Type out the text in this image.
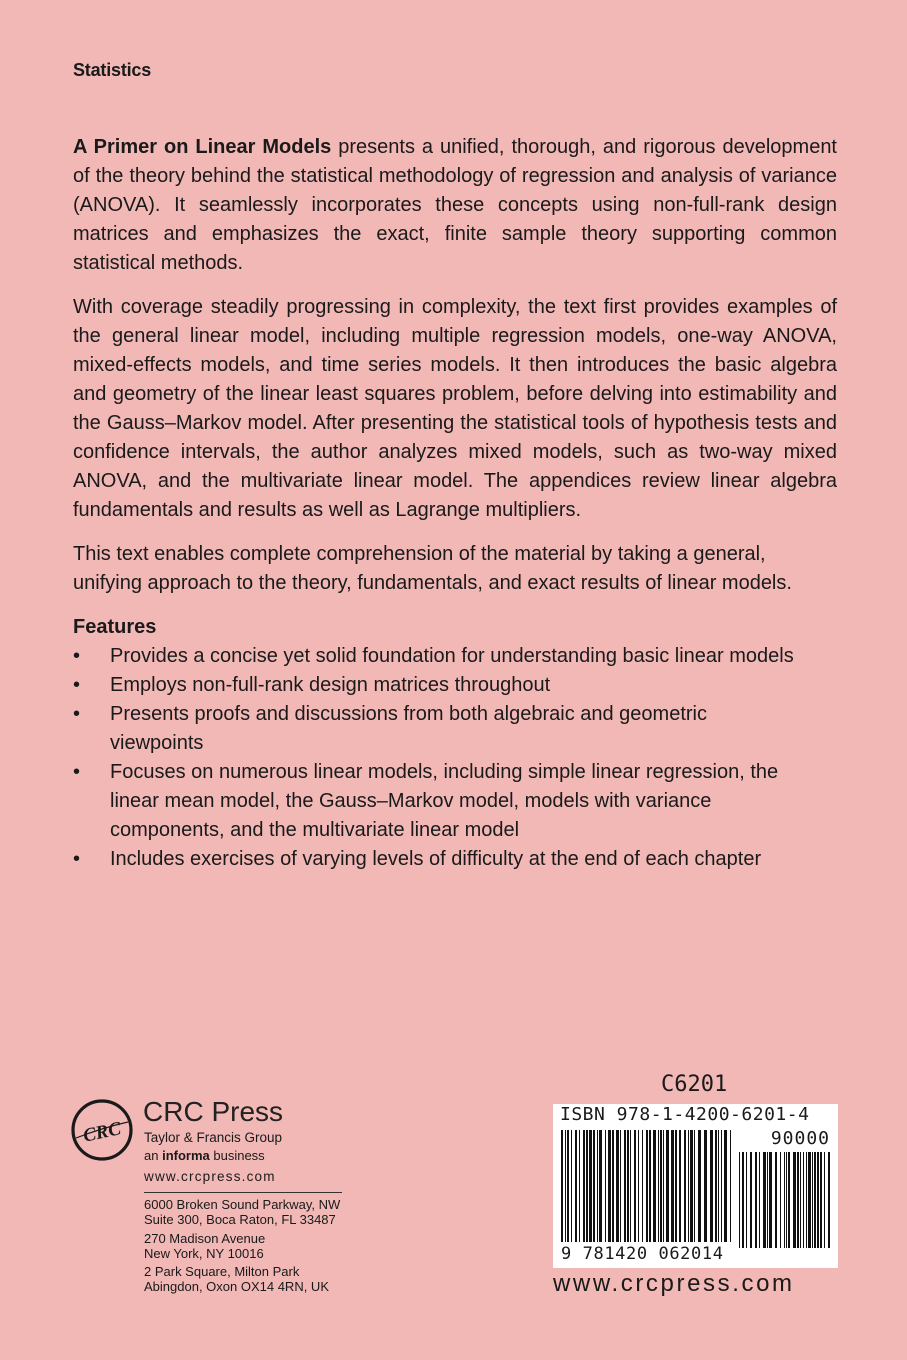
Statistics

A Primer on Linear Models presents a unified, thorough, and rigorous development of the theory behind the statistical methodology of regression and analysis of variance (ANOVA). It seamlessly incorporates these concepts using non-full-rank design matrices and emphasizes the exact, finite sample theory supporting common statistical methods.

With coverage steadily progressing in complexity, the text first provides examples of the general linear model, including multiple regression models, one-way ANOVA, mixed-effects models, and time series models. It then introduces the basic algebra and geometry of the linear least squares problem, before delving into estimability and the Gauss–Markov model. After presenting the statistical tools of hypothesis tests and confidence intervals, the author analyzes mixed models, such as two-way mixed ANOVA, and the multivariate linear model. The appendices review linear algebra fundamentals and results as well as Lagrange multipliers.

This text enables complete comprehension of the material by taking a general, unifying approach to the theory, fundamentals, and exact results of linear models.

Features
• Provides a concise yet solid foundation for understanding basic linear models
• Employs non-full-rank design matrices throughout
• Presents proofs and discussions from both algebraic and geometric viewpoints
• Focuses on numerous linear models, including simple linear regression, the linear mean model, the Gauss–Markov model, models with variance components, and the multivariate linear model
• Includes exercises of varying levels of difficulty at the end of each chapter
CRC
CRC Press
Taylor & Francis Group
an informa business
www.crcpress.com
6000 Broken Sound Parkway, NW
Suite 300, Boca Raton, FL 33487
270 Madison Avenue
New York, NY 10016
2 Park Square, Milton Park
Abingdon, Oxon OX14 4RN, UK
C6201
ISBN 978-1-4200-6201-4
90000
9 781420 062014
www.crcpress.com
